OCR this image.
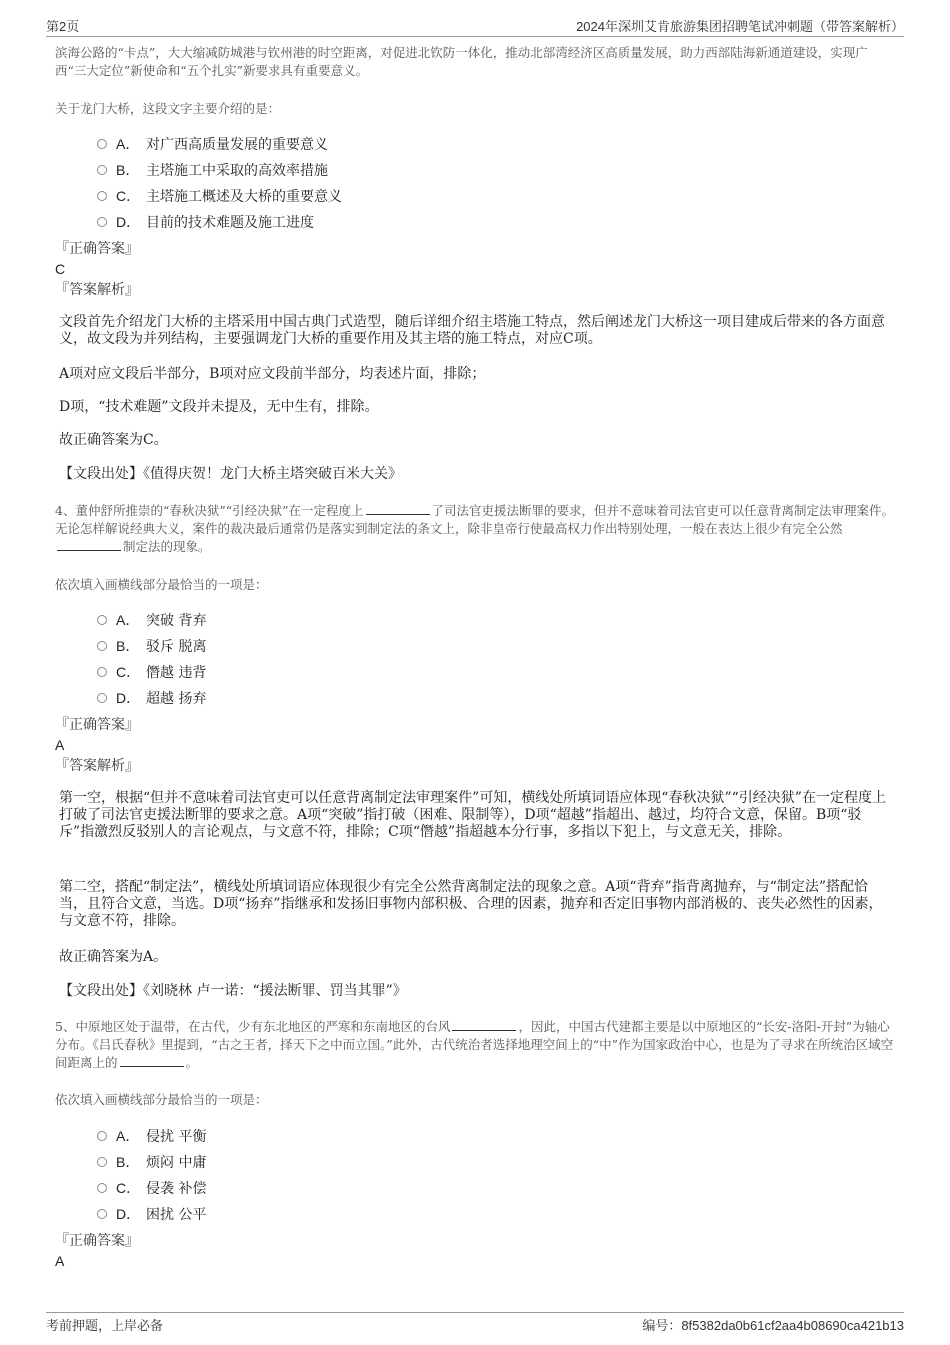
第2页	2024年深圳艾肯旅游集团招聘笔试冲刺题（带答案解析）
滨海公路的“卡点”，大大缩减防城港与钦州港的时空距离，对促进北钦防一体化，推动北部湾经济区高质量发展，助力西部陆海新通道建设，实现广西“三大定位”新使命和“五个扎实”新要求具有重要意义。
关于龙门大桥，这段文字主要介绍的是：
A． 对广西高质量发展的重要意义
B． 主塔施工中采取的高效率措施
C． 主塔施工概述及大桥的重要意义
D． 目前的技术难题及施工进度
『正确答案』
C
『答案解析』
文段首先介绍龙门大桥的主塔采用中国古典门式造型，随后详细介绍主塔施工特点，然后阐述龙门大桥这一项目建成后带来的各方面意义，故文段为并列结构，主要强调龙门大桥的重要作用及其主塔的施工特点，对应C项。
A项对应文段后半部分，B项对应文段前半部分，均表述片面，排除；
D项，“技术难题”文段并未提及，无中生有，排除。
故正确答案为C。
【文段出处】《值得庆贺！龙门大桥主塔突破百米大关》
4、董仲舒所推崇的“春秋决狱”“引经决狱”在一定程度上	了司法官吏援法断罪的要求，但并不意味着司法官吏可以任意背离制定法审理案件。无论怎样解说经典大义，案件的裁决最后通常仍是落实到制定法的条文上，除非皇帝行使最高权力作出特别处理，一般在表达上很少有完全公然制定法的现象。
依次填入画横线部分最恰当的一项是：
A． 突破 背弃
B． 驳斥 脱离
C． 僭越 违背
D． 超越 扬弃
『正确答案』
A
『答案解析』
第一空，根据“但并不意味着司法官吏可以任意背离制定法审理案件”可知，横线处所填词语应体现“春秋决狱”“引经决狱”在一定程度上打破了司法官吏援法断罪的要求之意。A项“突破”指打破（困难、限制等），D项“超越”指超出、越过，均符合文意，保留。B项“驳斥”指激烈反驳别人的言论观点，与文意不符，排除；C项“僭越”指超越本分行事，多指以下犯上，与文意无关，排除。
第二空，搭配“制定法”，横线处所填词语应体现很少有完全公然背离制定法的现象之意。A项“背弃”指背离抛弃，与“制定法”搭配恰当，且符合文意，当选。D项“扬弃”指继承和发扬旧事物内部积极、合理的因素，抛弃和否定旧事物内部消极的、丧失必然性的因素，与文意不符，排除。
故正确答案为A。
【文段出处】《刘晓林 卢一诺：“援法断罪、罚当其罪”》
5、中原地区处于温带，在古代，少有东北地区的严寒和东南地区的台风	，因此，中国古代建都主要是以中原地区的“长安-洛阳-开封”为轴心分布。《吕氏春秋》里提到，“古之王者，择天下之中而立国。”此外，古代统治者选择地理空间上的“中”作为国家政治中心，也是为了寻求在所统治区域空间距离上的	。
依次填入画横线部分最恰当的一项是：
A． 侵扰 平衡
B． 烦闷 中庸
C． 侵袭 补偿
D． 困扰 公平
『正确答案』
A
考前押题，上岸必备	编号：8f5382da0b61cf2aa4b08690ca421b13
